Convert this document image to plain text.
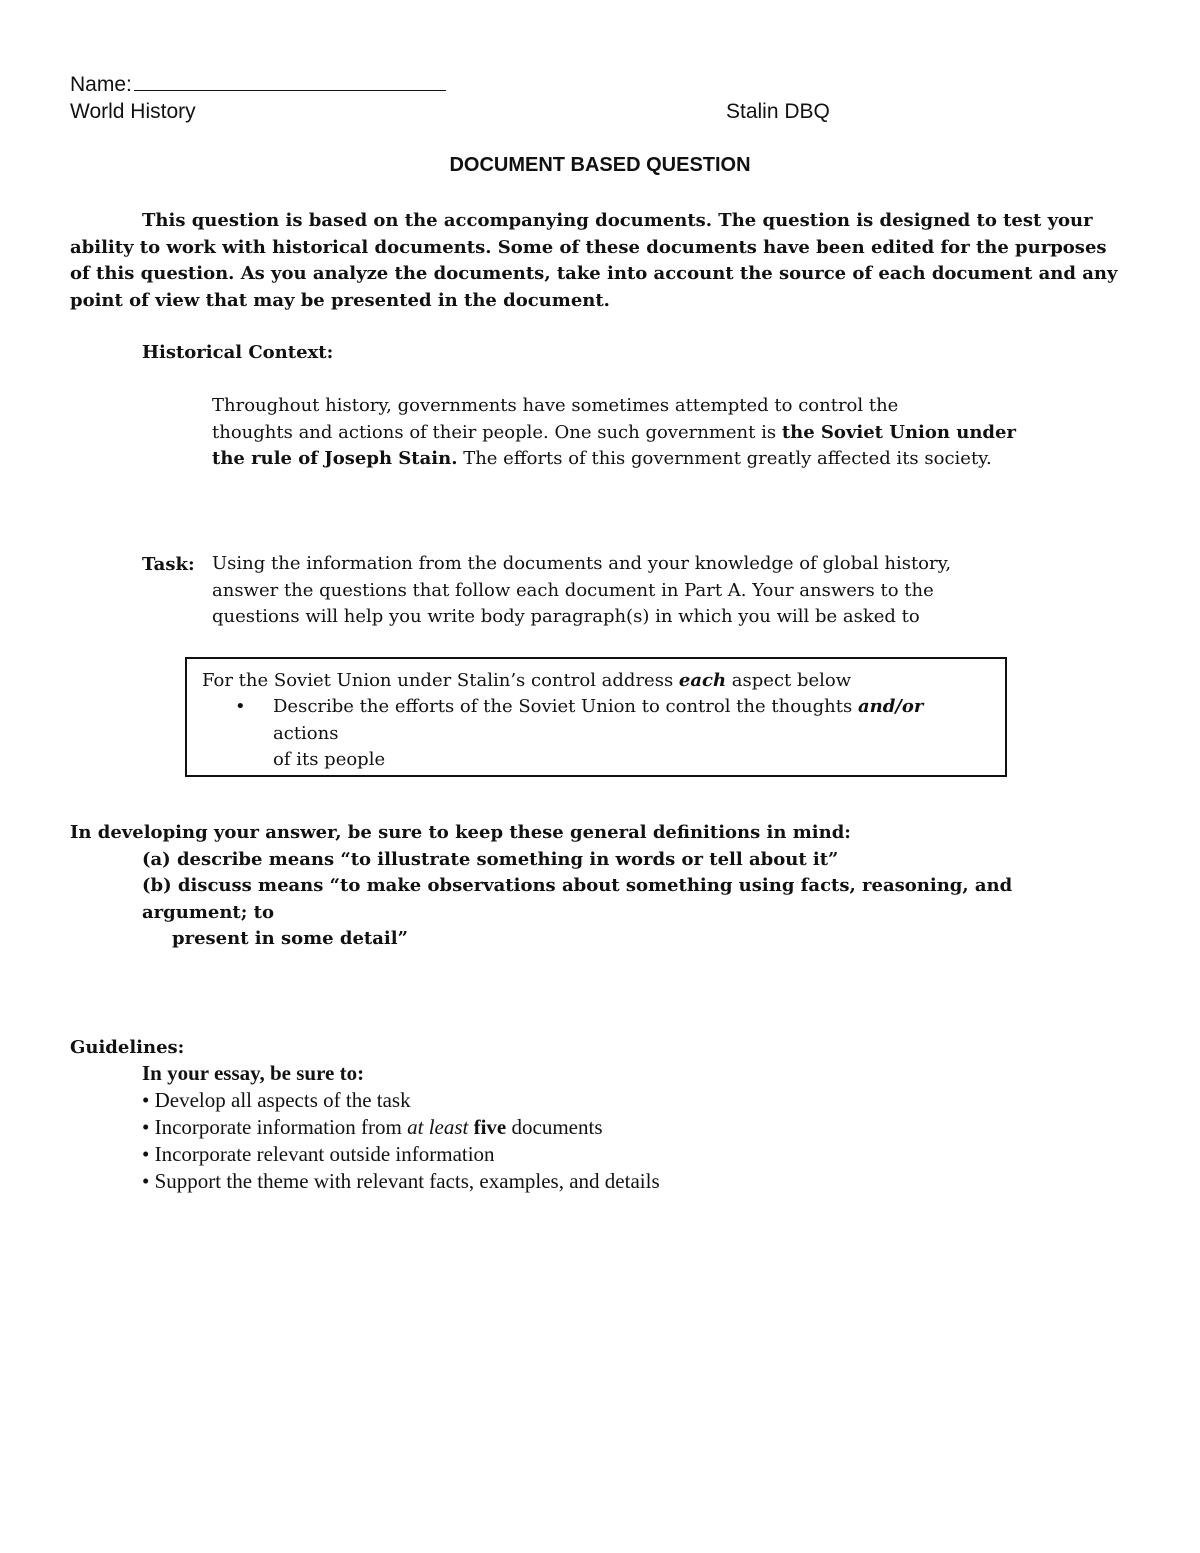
Name:
World History	Stalin DBQ
DOCUMENT BASED QUESTION
This question is based on the accompanying documents. The question is designed to test your
ability to work with historical documents. Some of these documents have been edited for the purposes
of this question. As you analyze the documents, take into account the source of each document and any
point of view that may be presented in the document.
Historical Context:
Throughout history, governments have sometimes attempted to control the
thoughts and actions of their people. One such government is the Soviet Union under
the rule of Joseph Stain. The efforts of this government greatly affected its society.
Task: Using the information from the documents and your knowledge of global history,
answer the questions that follow each document in Part A. Your answers to the
questions will help you write body paragraph(s) in which you will be asked to
For the Soviet Union under Stalin’s control address each aspect below
•	Describe the efforts of the Soviet Union to control the thoughts and/or
actions
of its people
In developing your answer, be sure to keep these general definitions in mind:
(a) describe means “to illustrate something in words or tell about it”
(b) discuss means “to make observations about something using facts, reasoning, and
argument; to
present in some detail”
Guidelines:
In your essay, be sure to:
• Develop all aspects of the task
• Incorporate information from at least five documents
• Incorporate relevant outside information
• Support the theme with relevant facts, examples, and details
